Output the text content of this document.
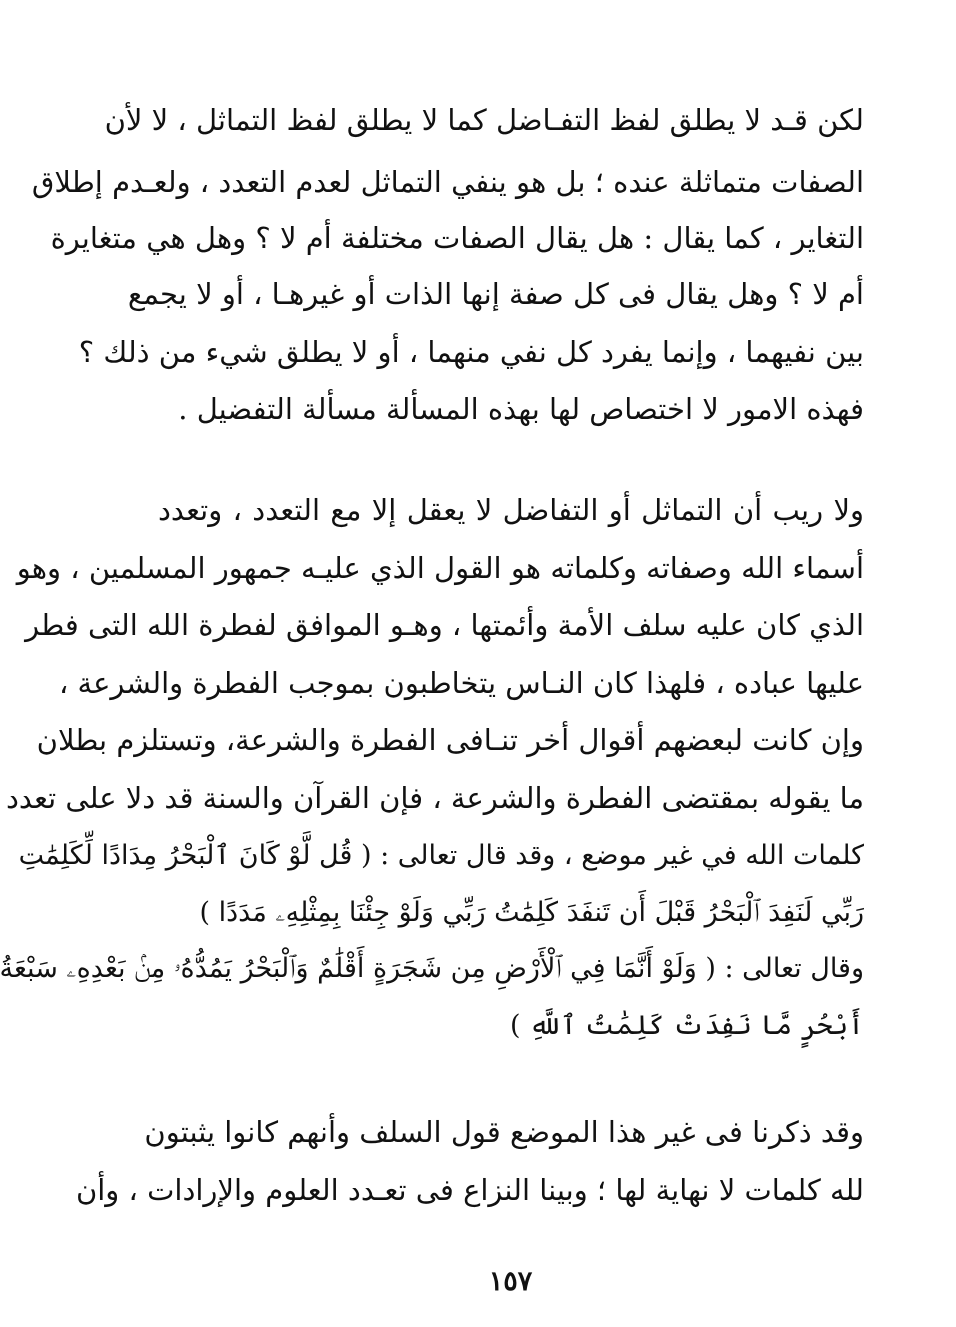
لكن قـد لا يطلق لفظ التفـاضل كما لا يطلق لفظ التماثل ، لا لأن
الصفات متماثلة عنده ؛ بل هو ينفي التماثل لعدم التعدد ، ولعـدم إطلاق
التغاير ، كما يقال : هل يقال الصفات مختلفة أم لا ؟ وهل هي متغايرة
أم لا ؟ وهل يقال فى كل صفة إنها الذات أو غيرهـا ، أو لا يجمع
بين نفيهما ، وإنما يفرد كل نفي منهما ، أو لا يطلق شيء من ذلك ؟
فهذه الامور لا اختصاص لها بهذه المسألة مسألة التفضيل .
ولا ريب أن التماثل أو التفاضل لا يعقل إلا مع التعدد ، وتعدد
أسماء الله وصفاته وكلماته هو القول الذي عليـه جمهور المسلمين ، وهو
الذي كان عليه سلف الأمة وأئمتها ، وهـو الموافق لفطرة الله التى فطر
عليها عباده ، فلهذا كان النـاس يتخاطبون بموجب الفطرة والشرعة ،
وإن كانت لبعضهم أقوال أخر تنـافى الفطرة والشرعة، وتستلزم بطلان
ما يقوله بمقتضى الفطرة والشرعة ، فإن القرآن والسنة قد دلا على تعدد
كلمات الله في غير موضع ، وقد قال تعالى : ( قُل لَّوْ كَانَ ٱلْبَحْرُ مِدَادًا لِّكَلِمَٰتِ
رَبِّي لَنَفِدَ ٱلْبَحْرُ قَبْلَ أَن تَنفَدَ كَلِمَٰتُ رَبِّي وَلَوْ جِئْنَا بِمِثْلِهِۦ مَدَدًا )
وقال تعالى : ( وَلَوْ أَنَّمَا فِي ٱلْأَرْضِ مِن شَجَرَةٍ أَقْلَٰمٌ وَٱلْبَحْرُ يَمُدُّهُۥ مِنۢ بَعْدِهِۦ سَبْعَةُ
أَبْحُرٍ مَّا نَفِدَتْ كَلِمَٰتُ ٱللَّهِ )
وقد ذكرنا فى غير هذا الموضع قول السلف وأنهم كانوا يثبتون
لله كلمات لا نهاية لها ؛ وبينا النزاع فى تعـدد العلوم والإرادات ، وأن
١٥٧
